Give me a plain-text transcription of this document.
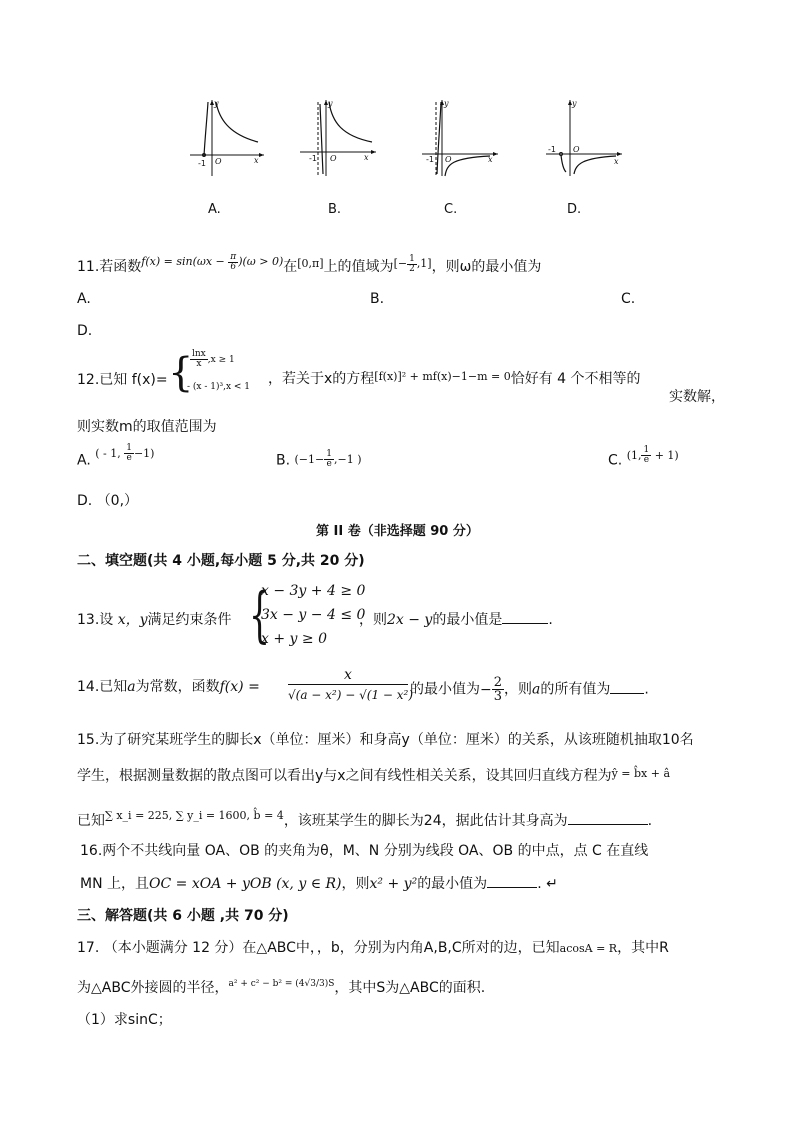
-1 O	x
y
A.
-1 O	x
y
B.
-1 O	x
y
C.
-1 O
x
y
D.
11.若函数$^{f(x) = sin(\omega x - \frac{\pi}{6} )(\omega > 0)}$在[0,π]上的值域为[− 1
2 ,1]，则ω的最小值为
A.	B.	C.
D.
12.已知 f(x)= {
$\frac{\ln x}{x} ,x \ge 1$
- (x - 1)³,x < 1 ，若关于x的方程$^{[f(x)]^2 + mf(x)-1-m = 0}$恰好有 4 个不相等的
实数解，
则实数m的取值范围为
A. $^{( - 1, \frac{1}{e} -1)}$	B. ($-1- \frac{1}{e} ,-1$ )	C. $^{(1, \frac{1}{e} + 1)}$
D. （0,）
第 II 卷（非选择题 90 分）
二、填空题(共 4 小题,每小题 5 分,共 20 分)
13.设 x，y满足约束条件 {
x − 3y + 4 ≥ 0
3x − y − 4 ≤ 0
x + y ≥ 0
，则2x − y的最小值是	.
14.已知a为常数，函数$f(x) = \frac{x}{\text{√(a − x²) − √(1 − x²)}}$ 的最小值为− $\frac{2}{3}$ ，则a的所有值为 .
15.为了研究某班学生的脚长x（单位：厘米）和身高y（单位：厘米）的关系，从该班随机抽取10名
学生，根据测量数据的散点图可以看出y与x之间有线性相关关系，设其回归直线方程为$^{ŷ = b̂x + â}$
已知$^{\sum x\_i = 225, \sum y\_i = 1600, b̂ = 4}$，该班某学生的脚长为24，据此估计其身高为	.
16.两个不共线向量 OA、OB 的夹角为θ，M、N 分别为线段 OA、OB 的中点，点 C 在直线
MN 上，且OC = xOA + yOB (x, y ∈ R)，则x² + y²的最小值为	. ↵
三、解答题(共 6 小题 ,共 70 分)
17. （本小题满分 12 分）在△ABC中，，b，分别为内角A,B,C所对的边，已知acosA = R，其中R
为△ABC外接圆的半径，$^{a^2 + c^2 - b^2 = (4√3/3)S}$，其中S为△ABC的面积.
（1）求sinC；
